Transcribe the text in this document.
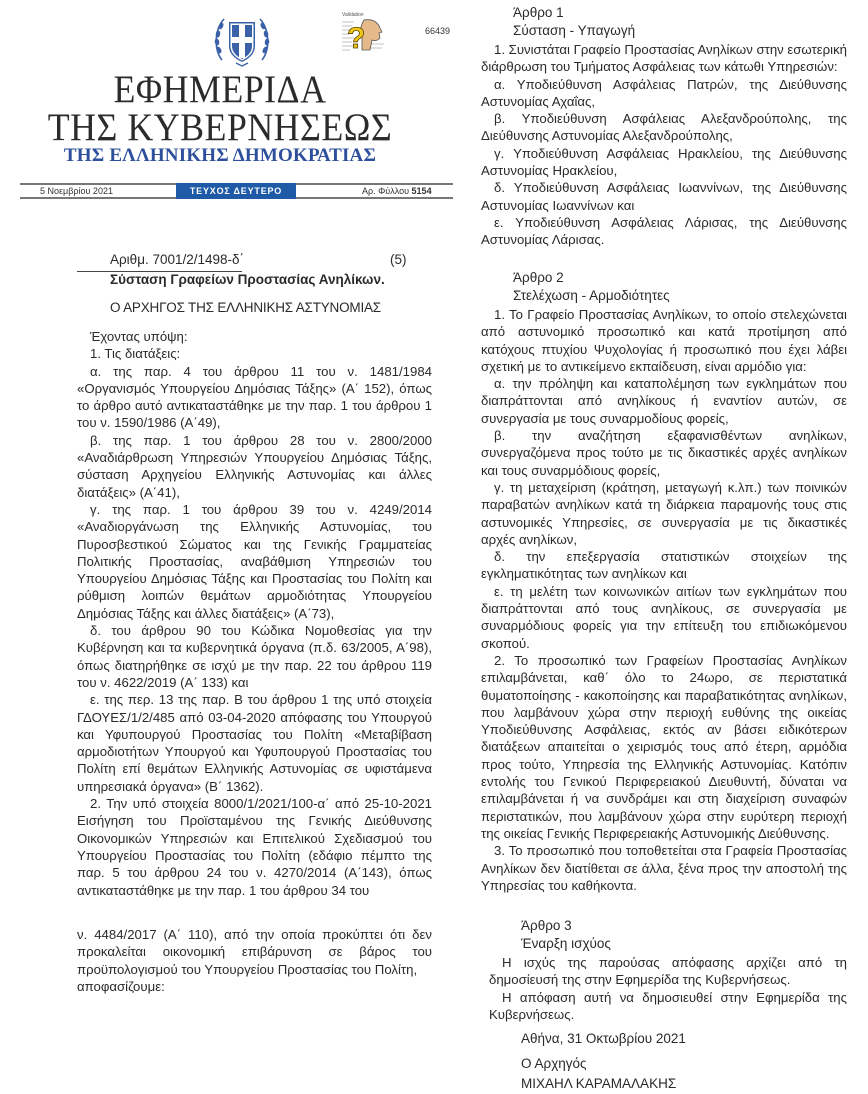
Validation
?	66439
ΕΦΗΜΕΡΙΔΑ
ΤΗΣ ΚΥΒΕΡΝΗΣΕΩΣ
ΤΗΣ ΕΛΛΗΝΙΚΗΣ ΔΗΜΟΚΡΑΤΙΑΣ
5 Νοεμβρίου 2021	ΤΕΥΧΟΣ ΔΕΥΤΕΡΟ	Αρ. Φύλλου 5154
Αριθμ. 7001/2/1498-δ΄	(5)
Σύσταση Γραφείων Προστασίας Ανηλίκων.
Ο ΑΡΧΗΓΟΣ ΤΗΣ ΕΛΛΗΝΙΚΗΣ ΑΣΤΥΝΟΜΙΑΣ

Έχοντας υπόψη:

1. Τις διατάξεις:

α. της παρ. 4 του άρθρου 11 του ν. 1481/1984 «Οργανισμός Υπουργείου Δημόσιας Τάξης» (Α΄ 152), όπως το άρθρο αυτό αντικαταστάθηκε με την παρ. 1 του άρθρου 1 του ν. 1590/1986 (Α΄49),

β. της παρ. 1 του άρθρου 28 του ν. 2800/2000 «Αναδιάρθρωση Υπηρεσιών Υπουργείου Δημόσιας Τάξης, σύσταση Αρχηγείου Ελληνικής Αστυνομίας και άλλες διατάξεις» (Α΄41),

γ. της παρ. 1 του άρθρου 39 του ν. 4249/2014 «Αναδιοργάνωση της Ελληνικής Αστυνομίας, του Πυροσβεστικού Σώματος και της Γενικής Γραμματείας Πολιτικής Προστασίας, αναβάθμιση Υπηρεσιών του Υπουργείου Δημόσιας Τάξης και Προστασίας του Πολίτη και ρύθμιση λοιπών θεμάτων αρμοδιότητας Υπουργείου Δημόσιας Τάξης και άλλες διατάξεις» (Α΄73),

δ. του άρθρου 90 του Κώδικα Νομοθεσίας για την Κυβέρνηση και τα κυβερνητικά όργανα (π.δ. 63/2005, Α΄98), όπως διατηρήθηκε σε ισχύ με την παρ. 22 του άρθρου 119 του ν. 4622/2019 (Α΄ 133) και

ε. της περ. 13 της παρ. Β του άρθρου 1 της υπό στοιχεία ΓΔΟΥΕΣ/1/2/485 από 03-04-2020 απόφασης του Υπουργού και Υφυπουργού Προστασίας του Πολίτη «Μεταβίβαση αρμοδιοτήτων Υπουργού και Υφυπουργού Προστασίας του Πολίτη επί θεμάτων Ελληνικής Αστυνομίας σε υφιστάμενα υπηρεσιακά όργανα» (Β΄ 1362).

2. Την υπό στοιχεία 8000/1/2021/100-α΄ από 25-10-2021 Εισήγηση του Προϊσταμένου της Γενικής Διεύθυνσης Οικονομικών Υπηρεσιών και Επιτελικού Σχεδιασμού του Υπουργείου Προστασίας του Πολίτη (εδάφιο πέμπτο της παρ. 5 του άρθρου 24 του ν. 4270/2014 (Α΄143), όπως αντικαταστάθηκε με την παρ. 1 του άρθρου 34 του

ν. 4484/2017 (Α΄ 110), από την οποία προκύπτει ότι δεν προκαλείται οικονομική επιβάρυνση σε βάρος του προϋπολογισμού του Υπουργείου Προστασίας του Πολίτη,

αποφασίζουμε:

Άρθρο 1
Σύσταση - Υπαγωγή

1. Συνιστάται Γραφείο Προστασίας Ανηλίκων στην εσωτερική διάρθρωση του Τμήματος Ασφάλειας των κάτωθι Υπηρεσιών:

α. Υποδιεύθυνση Ασφάλειας Πατρών, της Διεύθυνσης Αστυνομίας Αχαΐας,

β. Υποδιεύθυνση Ασφάλειας Αλεξανδρούπολης, της Διεύθυνσης Αστυνομίας Αλεξανδρούπολης,

γ. Υποδιεύθυνση Ασφάλειας Ηρακλείου, της Διεύθυνσης Αστυνομίας Ηρακλείου,

δ. Υποδιεύθυνση Ασφάλειας Ιωαννίνων, της Διεύθυνσης Αστυνομίας Ιωαννίνων και

ε. Υποδιεύθυνση Ασφάλειας Λάρισας, της Διεύθυνσης Αστυνομίας Λάρισας.

Άρθρο 2
Στελέχωση - Αρμοδιότητες

1. Το Γραφείο Προστασίας Ανηλίκων, το οποίο στελεχώνεται από αστυνομικό προσωπικό και κατά προτίμηση από κατόχους πτυχίου Ψυχολογίας ή προσωπικό που έχει λάβει σχετική με το αντικείμενο εκπαίδευση, είναι αρμόδιο για:

α. την πρόληψη και καταπολέμηση των εγκλημάτων που διαπράττονται από ανηλίκους ή εναντίον αυτών, σε συνεργασία με τους συναρμοδίους φορείς,

β. την αναζήτηση εξαφανισθέντων ανηλίκων, συνεργαζόμενα προς τούτο με τις δικαστικές αρχές ανηλίκων και τους συναρμόδιους φορείς,

γ. τη μεταχείριση (κράτηση, μεταγωγή κ.λπ.) των ποινικών παραβατών ανηλίκων κατά τη διάρκεια παραμονής τους στις αστυνομικές Υπηρεσίες, σε συνεργασία με τις δικαστικές αρχές ανηλίκων,

δ. την επεξεργασία στατιστικών στοιχείων της εγκληματικότητας των ανηλίκων και

ε. τη μελέτη των κοινωνικών αιτίων των εγκλημάτων που διαπράττονται από τους ανηλίκους, σε συνεργασία με συναρμόδιους φορείς για την επίτευξη του επιδιωκόμενου σκοπού.

2. Το προσωπικό των Γραφείων Προστασίας Ανηλίκων επιλαμβάνεται, καθ΄ όλο το 24ωρο, σε περιστατικά θυματοποίησης - κακοποίησης και παραβατικότητας ανηλίκων, που λαμβάνουν χώρα στην περιοχή ευθύνης της οικείας Υποδιεύθυνσης Ασφάλειας, εκτός αν βάσει ειδικότερων διατάξεων απαιτείται ο χειρισμός τους από έτερη, αρμόδια προς τούτο, Υπηρεσία της Ελληνικής Αστυνομίας. Κατόπιν εντολής του Γενικού Περιφερειακού Διευθυντή, δύναται να επιλαμβάνεται ή να συνδράμει και στη διαχείριση συναφών περιστατικών, που λαμβάνουν χώρα στην ευρύτερη περιοχή της οικείας Γενικής Περιφερειακής Αστυνομικής Διεύθυνσης.

3. Το προσωπικό που τοποθετείται στα Γραφεία Προστασίας Ανηλίκων δεν διατίθεται σε άλλα, ξένα προς την αποστολή της Υπηρεσίας του καθήκοντα.

Άρθρο 3
Έναρξη ισχύος

Η ισχύς της παρούσας απόφασης αρχίζει από τη δημοσίευσή της στην Εφημερίδα της Κυβερνήσεως.

Η απόφαση αυτή να δημοσιευθεί στην Εφημερίδα της Κυβερνήσεως.

Αθήνα, 31 Οκτωβρίου 2021
Ο Αρχηγός
ΜΙΧΑΗΛ ΚΑΡΑΜΑΛΑΚΗΣ
